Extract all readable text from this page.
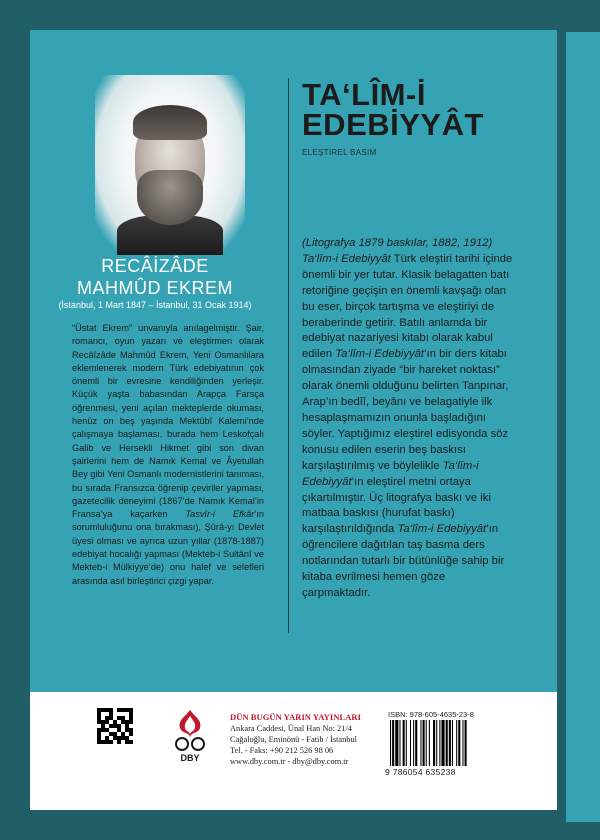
RECÂİZÂDE
MAHMÛD EKREM
(İstanbul, 1 Mart 1847 – İstanbul, 31 Ocak 1914)
“Üstat Ekrem” unvanıyla anılagelmiştir. Şair, romancı, oyun yazarı ve eleştirmen olarak Recâîzâde Mahmûd Ekrem, Yeni Osmanlılara eklemlenerek modern Türk edebiyatının çok önemli bir evresine kendiliğinden yerleşir. Küçük yaşta babasından Arapça Farsça öğrenmesi, yeni açılan mekteplerde okuması, henüz on beş yaşında Mektûbî Kalemi’nde çalışmaya başlaması, burada hem Leskofçalı Galib ve Hersekli Hikmet gibi son divan şairlerini hem de Namık Kemal ve Âyetullah Bey gibi Yeni Osmanlı modernistlerini tanıması, bu sırada Fransızca öğrenip çeviriler yapması, gazetecilik deneyimi (1867’de Namık Kemal’in Fransa’ya kaçarken Tasvîr-i Efkâr’ın sorumluluğunu ona bırakması), Şûrâ-yı Devlet üyesi olması ve ayrıca uzun yıllar (1878-1887) edebiyat hocalığı yapması (Mekteb-i Sultânî ve Mekteb-i Mülkiyye’de) onu halef ve selefleri arasında asıl birleştirici çizgi yapar.
TA‘LÎM-İ
EDEBİYYÂT
ELEŞTİREL BASIM
(Litografya 1879 baskılar, 1882, 1912)
Ta‘lîm-i Edebiyyât Türk eleştiri tarihi içinde önemli bir yer tutar. Klasik belagatten batı retoriğine geçişin en önemli kavşağı olan bu eser, birçok tartışma ve eleştiriyi de beraberinde getirir. Batılı anlamda bir edebiyat nazariyesi kitabı olarak kabul edilen Ta‘lîm-i Edebiyyât’ın bir ders kitabı olmasından ziyade “bir hareket noktası” olarak önemli olduğunu belirten Tanpınar, Arap’ın bedîî, beyânı ve belagatiyle ilk hesaplaşmamızın onunla başladığını söyler. Yaptığımız eleştirel edisyonda söz konusu edilen eserin beş baskısı karşılaştırılmış ve böylelikle Ta‘lîm-i Edebiyyât’ın eleştirel metni ortaya çıkartılmıştır. Üç litografya baskı ve iki matbaa baskısı (hurufat baskı) karşılaştırıldığında Ta‘lîm-i Edebiyyât’ın öğrencilere dağıtılan taş basma ders notlarından tutarlı bir bütünlüğe sahip bir kitaba evrilmesi hemen göze çarpmaktadır.
DBY
DÜN BUGÜN YARIN YAYINLARI
Ankara Caddesi, Ünal Han No: 21/4
Cağaloğlu, Eminönü - Fatih / İstanbul
Tel. - Faks: +90 212 526 98 06
www.dby.com.tr - dby@dby.com.tr
ISBN: 978-605-4635-23-8
9 786054 635238
